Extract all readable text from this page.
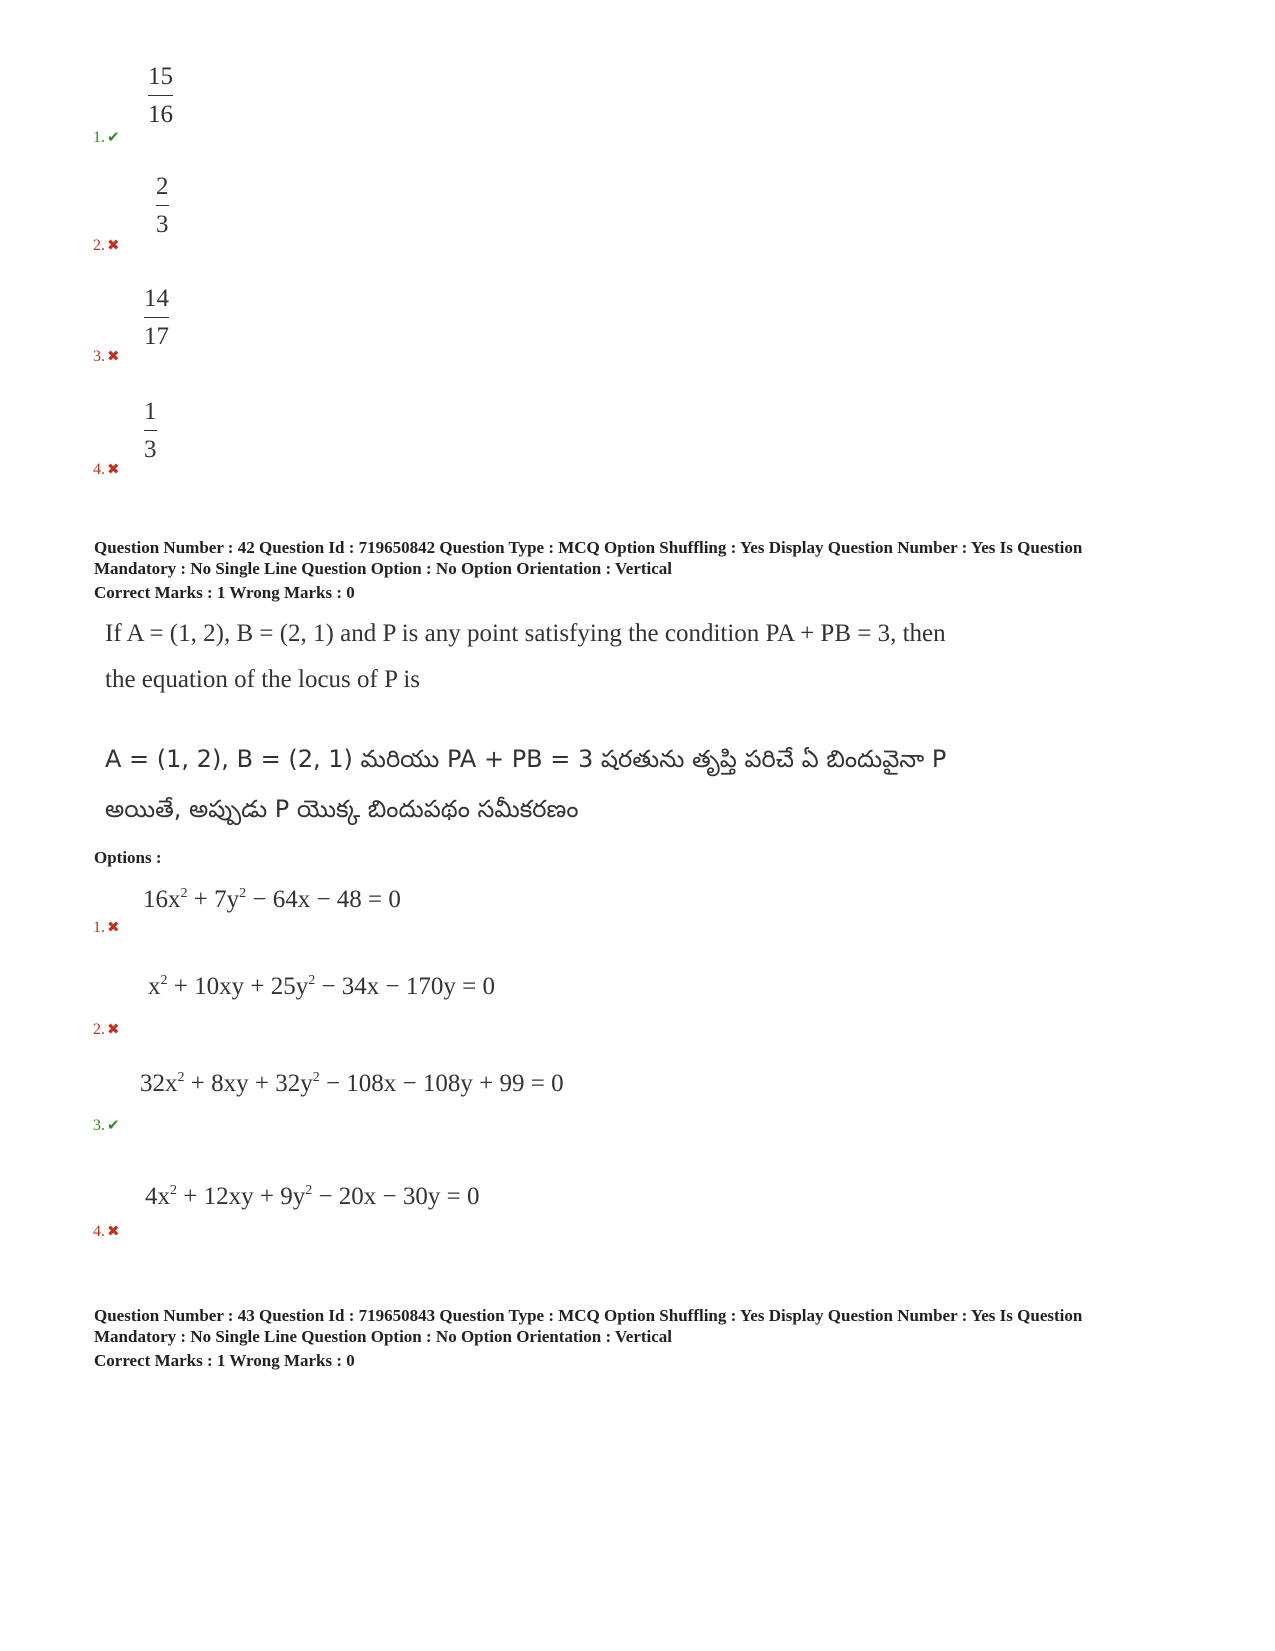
15
16
1. ✔
2
3
2. ✖
14
17
3. ✖
1
3
4. ✖
Question Number : 42 Question Id : 719650842 Question Type : MCQ Option Shuffling : Yes Display Question Number : Yes Is Question
Mandatory : No Single Line Question Option : No Option Orientation : Vertical
Correct Marks : 1 Wrong Marks : 0
If A = (1, 2), B = (2, 1) and P is any point satisfying the condition PA + PB = 3, then
the equation of the locus of P is
A = (1, 2), B = (2, 1) మరియు PA + PB = 3 షరతును తృప్తి పరిచే ఏ బిందువైనా P
అయితే, అప్పుడు P యొక్క బిందుపథం సమీకరణం
Options :
$16x^2 + 7y^2 - 64x - 48 = 0$
1. ✖
$x^2 + 10xy + 25y^2 - 34x - 170y = 0$
2. ✖
$32x^2 + 8xy + 32y^2 - 108x - 108y + 99 = 0$
3. ✔
$4x^2 + 12xy + 9y^2 - 20x - 30y = 0$
4. ✖
Question Number : 43 Question Id : 719650843 Question Type : MCQ Option Shuffling : Yes Display Question Number : Yes Is Question
Mandatory : No Single Line Question Option : No Option Orientation : Vertical
Correct Marks : 1 Wrong Marks : 0
